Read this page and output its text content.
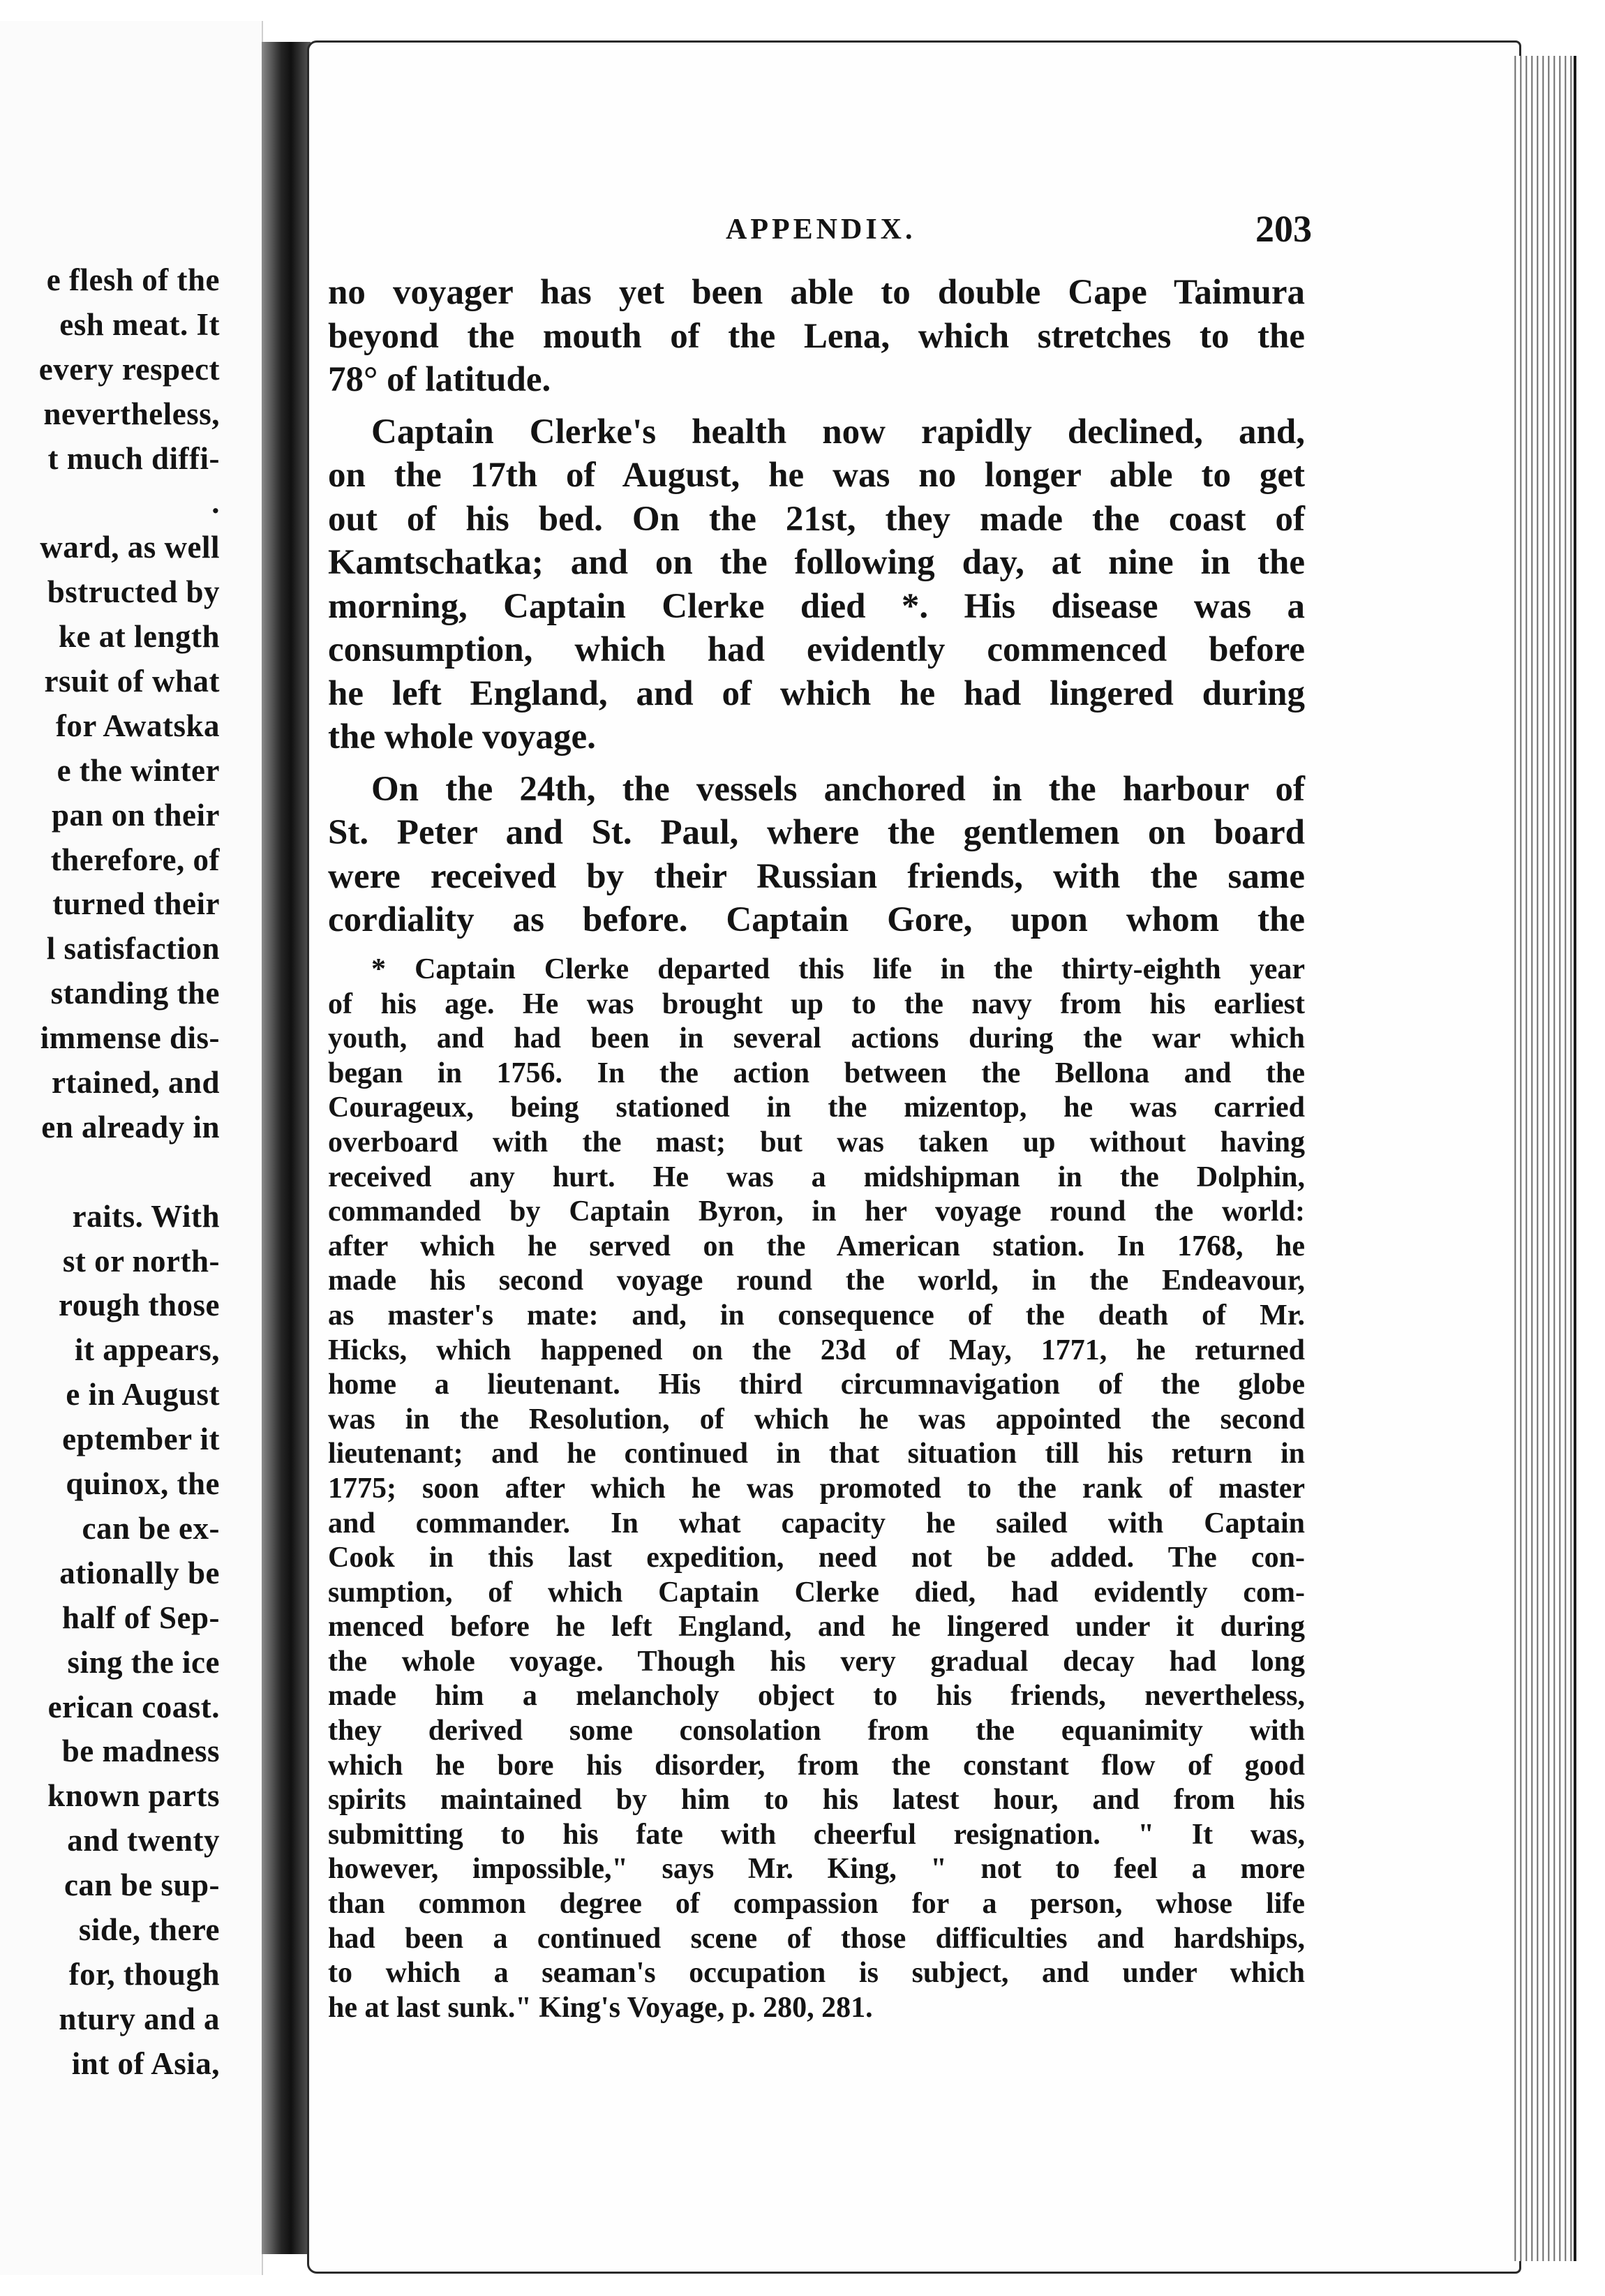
e flesh of the
esh meat. It
every respect
nevertheless,
t much diffi-
.
ward, as well
bstructed by
ke at length
rsuit of what
for Awatska
e the winter
pan on their
therefore, of
turned their
l satisfaction
standing the
immense dis-
rtained, and
en already in
raits. With
st or north-
rough those
it appears,
e in August
eptember it
quinox, the
can be ex-
ationally be
half of Sep-
sing the ice
erican coast.
be madness
known parts
and twenty
can be sup-
side, there
for, though
ntury and a
int of Asia,
APPENDIX.	203
no voyager has yet been able to double Cape Taimura
beyond the mouth of the Lena, which stretches to the
78° of latitude.
Captain Clerke's health now rapidly declined, and,
on the 17th of August, he was no longer able to get
out of his bed. On the 21st, they made the coast of
Kamtschatka; and on the following day, at nine in the
morning, Captain Clerke died *. His disease was a
consumption, which had evidently commenced before
he left England, and of which he had lingered during
the whole voyage.
On the 24th, the vessels anchored in the harbour of
St. Peter and St. Paul, where the gentlemen on board
were received by their Russian friends, with the same
cordiality as before. Captain Gore, upon whom the
* Captain Clerke departed this life in the thirty-eighth year
of his age. He was brought up to the navy from his earliest
youth, and had been in several actions during the war which
began in 1756. In the action between the Bellona and the
Courageux, being stationed in the mizentop, he was carried
overboard with the mast; but was taken up without having
received any hurt. He was a midshipman in the Dolphin,
commanded by Captain Byron, in her voyage round the world:
after which he served on the American station. In 1768, he
made his second voyage round the world, in the Endeavour,
as master's mate: and, in consequence of the death of Mr.
Hicks, which happened on the 23d of May, 1771, he returned
home a lieutenant. His third circumnavigation of the globe
was in the Resolution, of which he was appointed the second
lieutenant; and he continued in that situation till his return in
1775; soon after which he was promoted to the rank of master
and commander. In what capacity he sailed with Captain
Cook in this last expedition, need not be added. The con-
sumption, of which Captain Clerke died, had evidently com-
menced before he left England, and he lingered under it during
the whole voyage. Though his very gradual decay had long
made him a melancholy object to his friends, nevertheless,
they derived some consolation from the equanimity with
which he bore his disorder, from the constant flow of good
spirits maintained by him to his latest hour, and from his
submitting to his fate with cheerful resignation. " It was,
however, impossible," says Mr. King, " not to feel a more
than common degree of compassion for a person, whose life
had been a continued scene of those difficulties and hardships,
to which a seaman's occupation is subject, and under which
he at last sunk." King's Voyage, p. 280, 281.
